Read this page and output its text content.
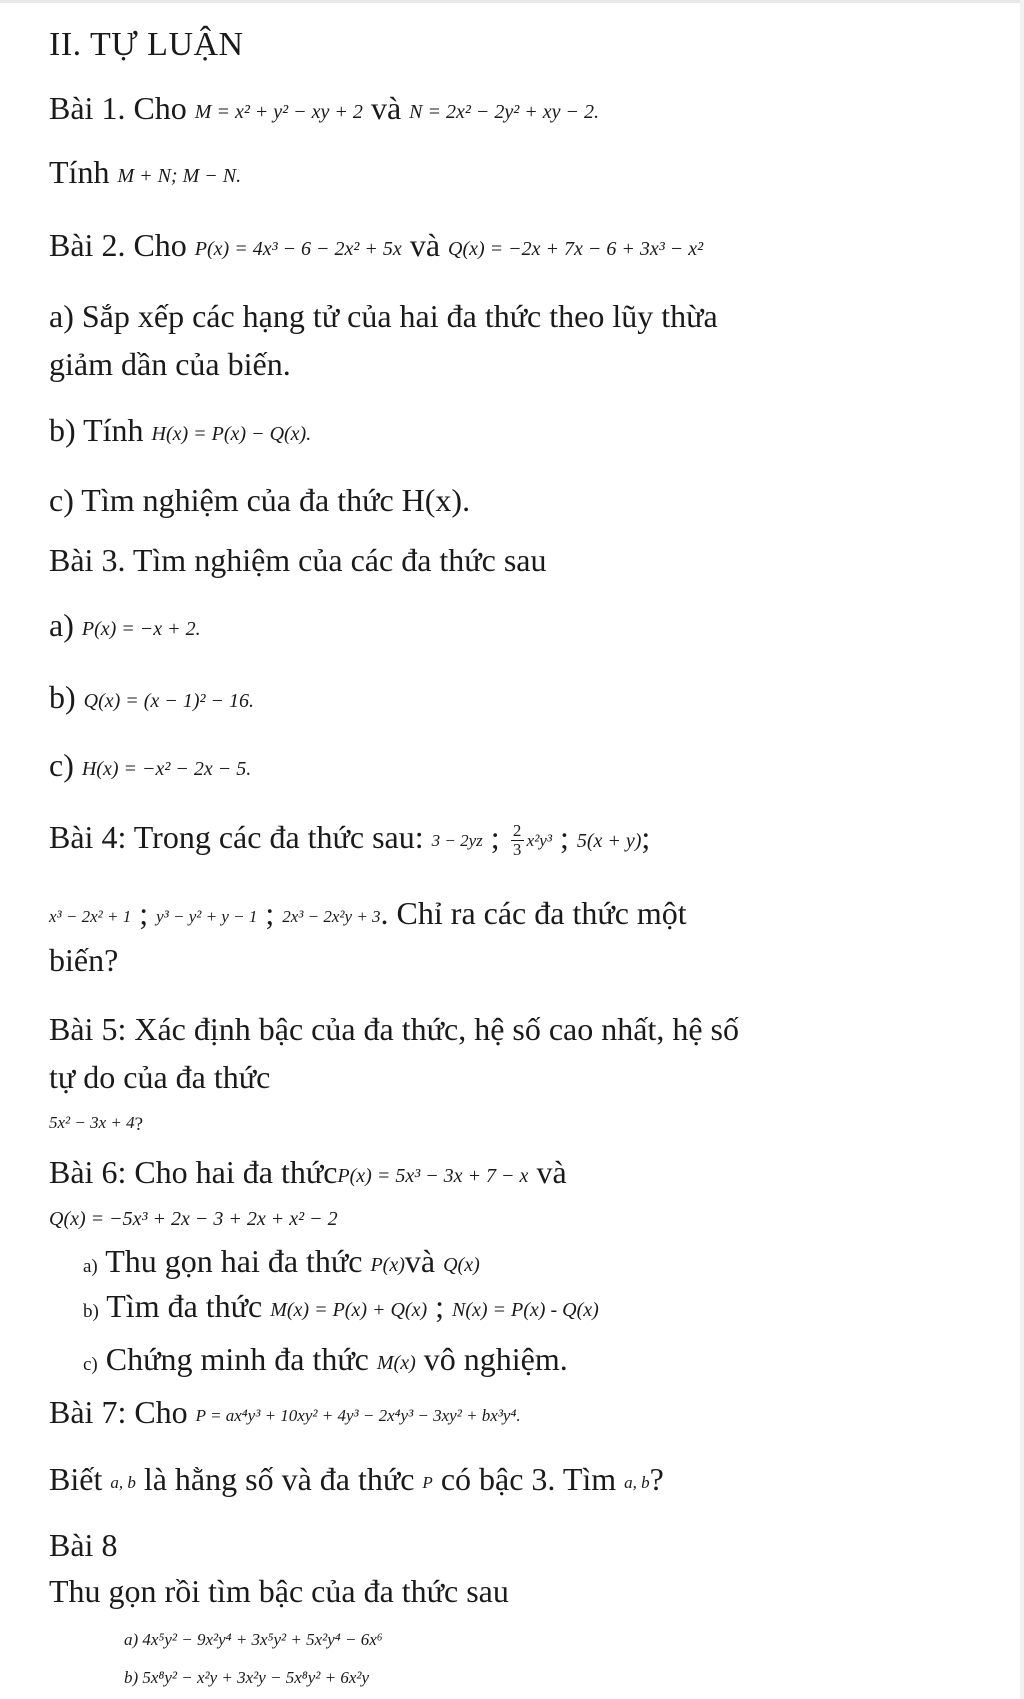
II. TỰ LUẬN
Bài 1. Cho M = x² + y² − xy + 2 và N = 2x² − 2y² + xy − 2.
Tính M + N; M − N.
Bài 2. Cho P(x) = 4x³ − 6 − 2x² + 5x và Q(x) = −2x + 7x − 6 + 3x³ − x²
a) Sắp xếp các hạng tử của hai đa thức theo lũy thừa
giảm dần của biến.
b) Tính H(x) = P(x) − Q(x).
c) Tìm nghiệm của đa thức H(x).
Bài 3. Tìm nghiệm của các đa thức sau
a) P(x) = −x + 2.
b) Q(x) = (x − 1)² − 16.
c) H(x) = −x² − 2x − 5.
Bài 4: Trong các đa thức sau: 3 − 2yz ; $\frac{2}{3} x^2y^3$ ; 5(x + y);
x³ − 2x² + 1 ; y³ − y² + y − 1 ; 2x³ − 2x²y + 3. Chỉ ra các đa thức một
biến?
Bài 5: Xác định bậc của đa thức, hệ số cao nhất, hệ số
tự do của đa thức
5x² − 3x + 4?
Bài 6: Cho hai đa thứcP(x) = 5x³ − 3x + 7 − x và
Q(x) = −5x³ + 2x − 3 + 2x + x² − 2
a) Thu gọn hai đa thức P(x)và Q(x)
b) Tìm đa thức M(x) = P(x) + Q(x) ; N(x) = P(x) - Q(x)
c) Chứng minh đa thức M(x) vô nghiệm.
Bài 7: Cho P = ax⁴y³ + 10xy² + 4y³ − 2x⁴y³ − 3xy² + bx³y⁴.
Biết a, b là hằng số và đa thức P có bậc 3. Tìm a, b?
Bài 8
Thu gọn rồi tìm bậc của đa thức sau
a) 4x⁵y² − 9x²y⁴ + 3x⁵y² + 5x²y⁴ − 6x⁶
b) 5x⁸y² − x²y + 3x²y − 5x⁸y² + 6x²y
